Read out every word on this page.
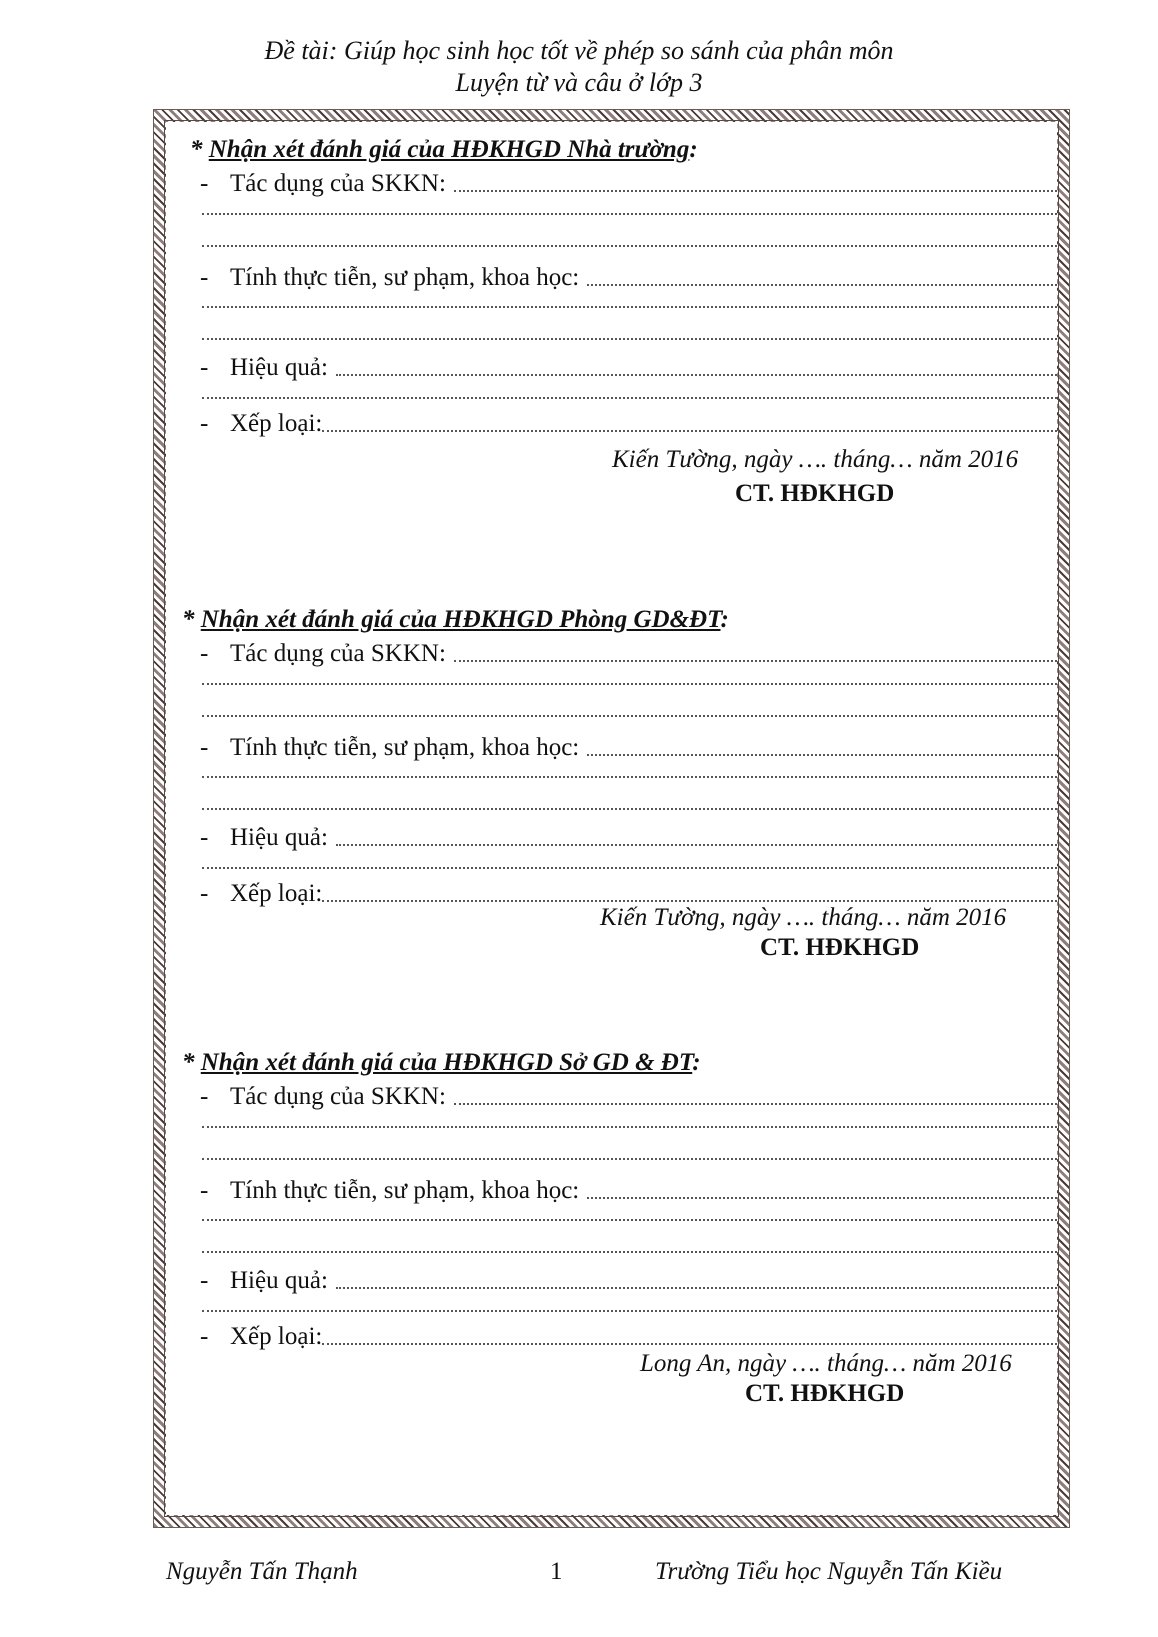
Đề tài: Giúp học sinh học tốt về phép so sánh của phân môn
Luyện từ và câu ở lớp 3
* Nhận xét đánh giá của HĐKHGD Nhà trường:
- Tác dụng của SKKN:
- Tính thực tiễn, sư phạm, khoa học:
- Hiệu quả:
- Xếp loại:
Kiến Tường, ngày …. tháng… năm 2016
CT. HĐKHGD
* Nhận xét đánh giá của HĐKHGD Phòng GD&ĐT:
- Tác dụng của SKKN:
- Tính thực tiễn, sư phạm, khoa học:
- Hiệu quả:
- Xếp loại:
Kiến Tường, ngày …. tháng… năm 2016
CT. HĐKHGD
* Nhận xét đánh giá của HĐKHGD Sở GD & ĐT:
- Tác dụng của SKKN:
- Tính thực tiễn, sư phạm, khoa học:
- Hiệu quả:
- Xếp loại:
Long An, ngày …. tháng… năm 2016
CT. HĐKHGD
Nguyễn Tấn Thạnh	1	Trường Tiểu học Nguyễn Tấn Kiều
